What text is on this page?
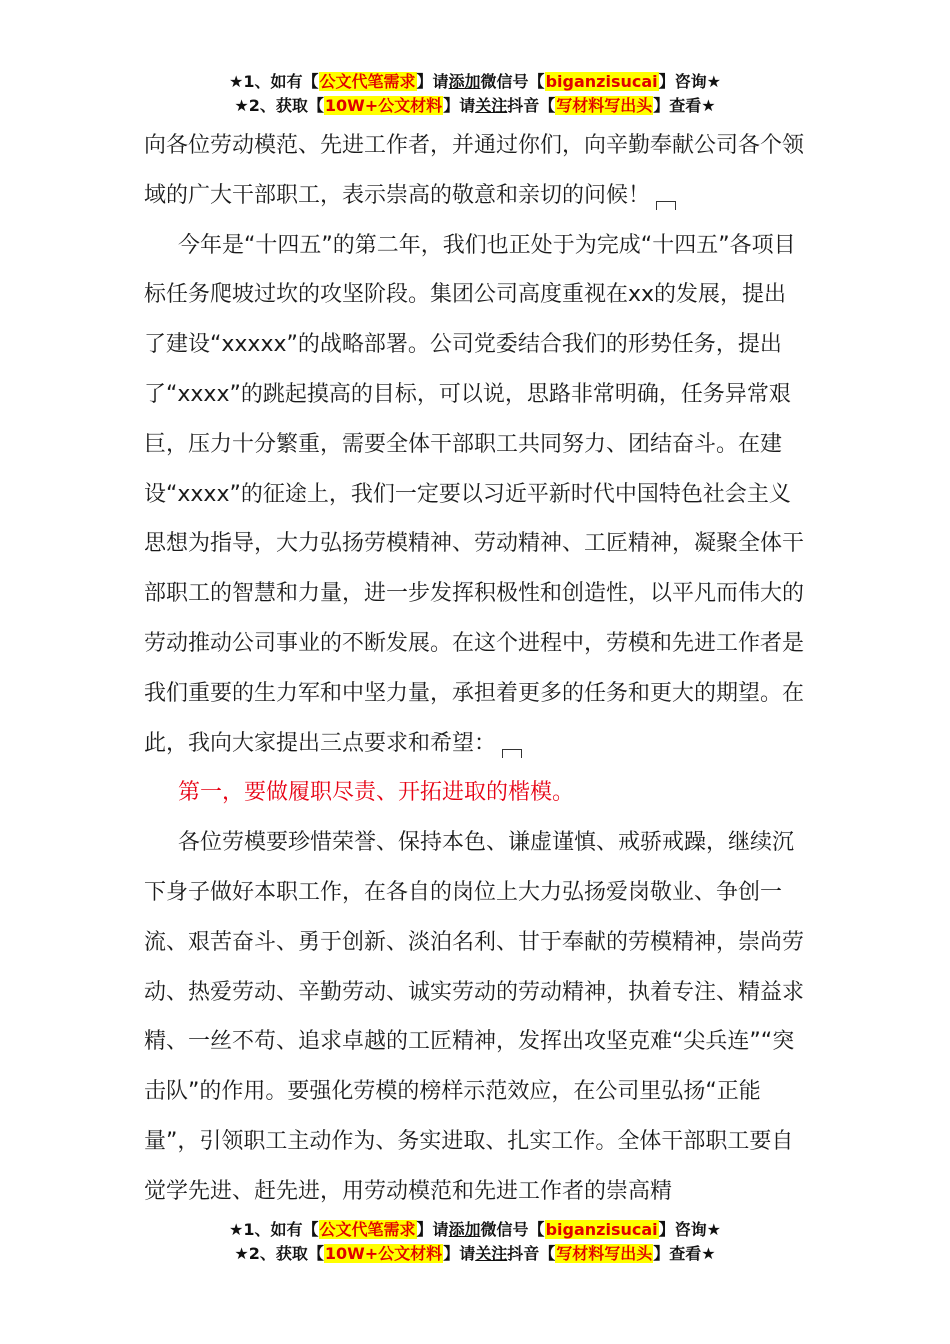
★1、如有【公文代笔需求】请添加微信号【biganzisucai】咨询★
★2、获取【10W+公文材料】请关注抖音【写材料写出头】查看★

向各位劳动模范、先进工作者，并通过你们，向辛勤奉献公司各个领域的广大干部职工，表示崇高的敬意和亲切的问候！

今年是“十四五”的第二年，我们也正处于为完成“十四五”各项目标任务爬坡过坎的攻坚阶段。集团公司高度重视在xx的发展，提出了建设“xxxxx”的战略部署。公司党委结合我们的形势任务，提出了“xxxx”的跳起摸高的目标，可以说，思路非常明确，任务异常艰巨，压力十分繁重，需要全体干部职工共同努力、团结奋斗。在建设“xxxx”的征途上，我们一定要以习近平新时代中国特色社会主义思想为指导，大力弘扬劳模精神、劳动精神、工匠精神，凝聚全体干部职工的智慧和力量，进一步发挥积极性和创造性，以平凡而伟大的劳动推动公司事业的不断发展。在这个进程中，劳模和先进工作者是我们重要的生力军和中坚力量，承担着更多的任务和更大的期望。在此，我向大家提出三点要求和希望：

第一，要做履职尽责、开拓进取的楷模。

各位劳模要珍惜荣誉、保持本色、谦虚谨慎、戒骄戒躁，继续沉下身子做好本职工作，在各自的岗位上大力弘扬爱岗敬业、争创一流、艰苦奋斗、勇于创新、淡泊名利、甘于奉献的劳模精神，崇尚劳动、热爱劳动、辛勤劳动、诚实劳动的劳动精神，执着专注、精益求精、一丝不苟、追求卓越的工匠精神，发挥出攻坚克难“尖兵连”“突击队”的作用。要强化劳模的榜样示范效应，在公司里弘扬“正能量”，引领职工主动作为、务实进取、扎实工作。全体干部职工要自觉学先进、赶先进，用劳动模范和先进工作者的崇高精

★1、如有【公文代笔需求】请添加微信号【biganzisucai】咨询★
★2、获取【10W+公文材料】请关注抖音【写材料写出头】查看★
